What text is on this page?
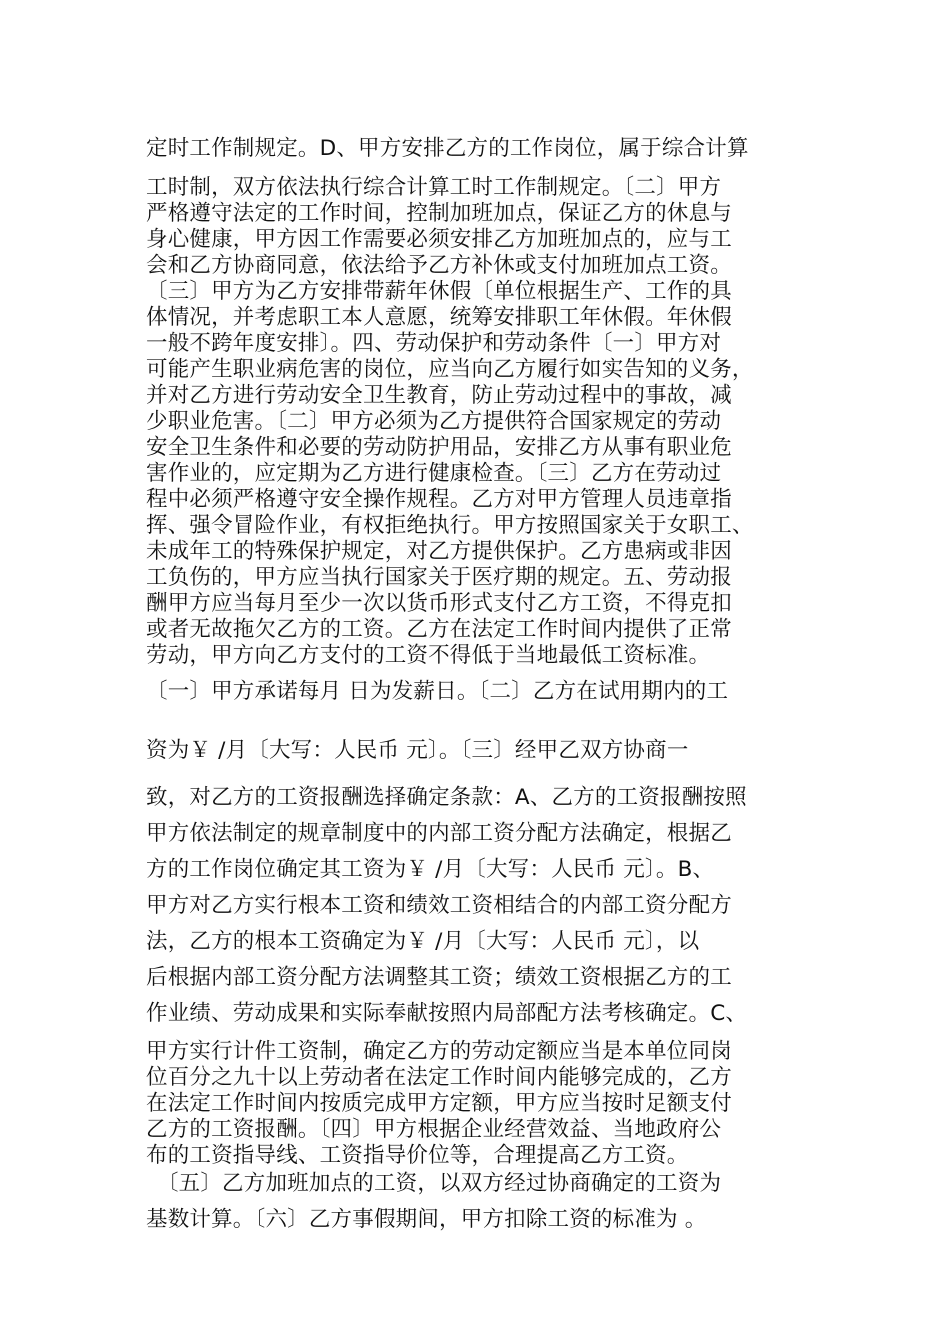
定时工作制规定。D、甲方安排乙方的工作岗位，属于综合计算
工时制，双方依法执行综合计算工时工作制规定。〔二〕甲方
严格遵守法定的工作时间，控制加班加点，保证乙方的休息与
身心健康，甲方因工作需要必须安排乙方加班加点的，应与工
会和乙方协商同意，依法给予乙方补休或支付加班加点工资。
〔三〕甲方为乙方安排带薪年休假〔单位根据生产、工作的具
体情况，并考虑职工本人意愿，统筹安排职工年休假。年休假
一般不跨年度安排〕。四、劳动保护和劳动条件〔一〕甲方对
可能产生职业病危害的岗位，应当向乙方履行如实告知的义务，
并对乙方进行劳动安全卫生教育，防止劳动过程中的事故，减
少职业危害。〔二〕甲方必须为乙方提供符合国家规定的劳动
安全卫生条件和必要的劳动防护用品，安排乙方从事有职业危
害作业的，应定期为乙方进行健康检查。〔三〕乙方在劳动过
程中必须严格遵守安全操作规程。乙方对甲方管理人员违章指
挥、强令冒险作业，有权拒绝执行。甲方按照国家关于女职工、
未成年工的特殊保护规定，对乙方提供保护。乙方患病或非因
工负伤的，甲方应当执行国家关于医疗期的规定。五、劳动报
酬甲方应当每月至少一次以货币形式支付乙方工资，不得克扣
或者无故拖欠乙方的工资。乙方在法定工作时间内提供了正常
劳动，甲方向乙方支付的工资不得低于当地最低工资标准。
〔一〕甲方承诺每月 日为发薪日。〔二〕乙方在试用期内的工
资为￥ /月〔大写：人民币 元〕。〔三〕经甲乙双方协商一
致，对乙方的工资报酬选择确定条款：A、乙方的工资报酬按照
甲方依法制定的规章制度中的内部工资分配方法确定，根据乙
方的工作岗位确定其工资为￥ /月〔大写：人民币 元〕。B、
甲方对乙方实行根本工资和绩效工资相结合的内部工资分配方
法，乙方的根本工资确定为￥ /月〔大写：人民币 元〕，以
后根据内部工资分配方法调整其工资；绩效工资根据乙方的工
作业绩、劳动成果和实际奉献按照内局部配方法考核确定。C、
甲方实行计件工资制，确定乙方的劳动定额应当是本单位同岗
位百分之九十以上劳动者在法定工作时间内能够完成的，乙方
在法定工作时间内按质完成甲方定额，甲方应当按时足额支付
乙方的工资报酬。〔四〕甲方根据企业经营效益、当地政府公
布的工资指导线、工资指导价位等，合理提高乙方工资。
　〔五〕乙方加班加点的工资，以双方经过协商确定的工资为
基数计算。〔六〕乙方事假期间，甲方扣除工资的标准为 。
